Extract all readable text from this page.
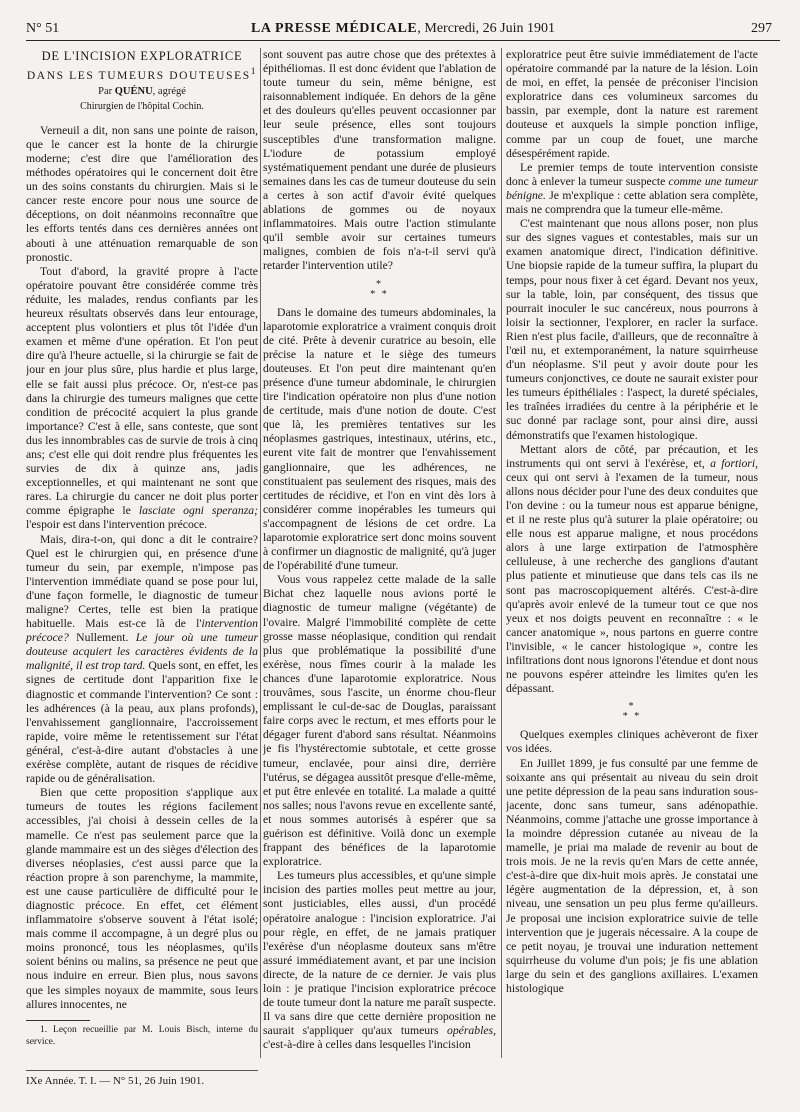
N° 51	LA PRESSE MÉDICALE, Mercredi, 26 Juin 1901	297
DE L'INCISION EXPLORATRICE
DANS LES TUMEURS DOUTEUSES$^1$
Par QUÉNU, agrégé
Chirurgien de l'hôpital Cochin.

Verneuil a dit, non sans une pointe de raison, que le cancer est la honte de la chirurgie moderne; c'est dire que l'amélioration des méthodes opératoires qui le concernent doit être un des soins constants du chirurgien. Mais si le cancer reste encore pour nous une source de déceptions, on doit néanmoins reconnaître que les efforts tentés dans ces dernières années ont abouti à une atténuation remarquable de son pronostic.

Tout d'abord, la gravité propre à l'acte opératoire pouvant être considérée comme très réduite, les malades, rendus confiants par les heureux résultats observés dans leur entourage, acceptent plus volontiers et plus tôt l'idée d'un examen et même d'une opération. Et l'on peut dire qu'à l'heure actuelle, si la chirurgie se fait de jour en jour plus sûre, plus hardie et plus large, elle se fait aussi plus précoce. Or, n'est-ce pas dans la chirurgie des tumeurs malignes que cette condition de précocité acquiert la plus grande importance? C'est à elle, sans conteste, que sont dus les innombrables cas de survie de trois à cinq ans; c'est elle qui doit rendre plus fréquentes les survies de dix à quinze ans, jadis exceptionnelles, et qui maintenant ne sont que rares. La chirurgie du cancer ne doit plus porter comme épigraphe le lasciate ogni speranza; l'espoir est dans l'intervention précoce.

Mais, dira-t-on, qui donc a dit le contraire? Quel est le chirurgien qui, en présence d'une tumeur du sein, par exemple, n'impose pas l'intervention immédiate quand se pose pour lui, d'une façon formelle, le diagnostic de tumeur maligne? Certes, telle est bien la pratique habituelle. Mais est-ce là de l'intervention précoce? Nullement. Le jour où une tumeur douteuse acquiert les caractères évidents de la malignité, il est trop tard. Quels sont, en effet, les signes de certitude dont l'apparition fixe le diagnostic et commande l'intervention? Ce sont : les adhérences (à la peau, aux plans profonds), l'envahissement ganglionnaire, l'accroissement rapide, voire même le retentissement sur l'état général, c'est-à-dire autant d'obstacles à une exérèse complète, autant de risques de récidive rapide ou de généralisation.

Bien que cette proposition s'applique aux tumeurs de toutes les régions facilement accessibles, j'ai choisi à dessein celles de la mamelle. Ce n'est pas seulement parce que la glande mammaire est un des sièges d'élection des diverses néoplasies, c'est aussi parce que la réaction propre à son parenchyme, la mammite, est une cause particulière de difficulté pour le diagnostic précoce. En effet, cet élément inflammatoire s'observe souvent à l'état isolé; mais comme il accompagne, à un degré plus ou moins prononcé, tous les néoplasmes, qu'ils soient bénins ou malins, sa présence ne peut que nous induire en erreur. Bien plus, nous savons que les simples noyaux de mammite, sous leurs allures innocentes, ne

1. Leçon recueillie par M. Louis Bisch, interne du service.

sont souvent pas autre chose que des prétextes à épithéliomas. Il est donc évident que l'ablation de toute tumeur du sein, même bénigne, est raisonnablement indiquée. En dehors de la gêne et des douleurs qu'elles peuvent occasionner par leur seule présence, elles sont toujours susceptibles d'une transformation maligne. L'iodure de potassium employé systématiquement pendant une durée de plusieurs semaines dans les cas de tumeur douteuse du sein a certes à son actif d'avoir évité quelques ablations de gommes ou de noyaux inflammatoires. Mais outre l'action stimulante qu'il semble avoir sur certaines tumeurs malignes, combien de fois n'a-t-il servi qu'à retarder l'intervention utile?

*
* *

Dans le domaine des tumeurs abdominales, la laparotomie exploratrice a vraiment conquis droit de cité. Prête à devenir curatrice au besoin, elle précise la nature et le siège des tumeurs douteuses. Et l'on peut dire maintenant qu'en présence d'une tumeur abdominale, le chirurgien tire l'indication opératoire non plus d'une notion de certitude, mais d'une notion de doute. C'est que là, les premières tentatives sur les néoplasmes gastriques, intestinaux, utérins, etc., eurent vite fait de montrer que l'envahissement ganglionnaire, que les adhérences, ne constituaient pas seulement des risques, mais des certitudes de récidive, et l'on en vint dès lors à considérer comme inopérables les tumeurs qui s'accompagnent de lésions de cet ordre. La laparotomie exploratrice sert donc moins souvent à confirmer un diagnostic de malignité, qu'à juger de l'opérabilité d'une tumeur.

Vous vous rappelez cette malade de la salle Bichat chez laquelle nous avions porté le diagnostic de tumeur maligne (végétante) de l'ovaire. Malgré l'immobilité complète de cette grosse masse néoplasique, condition qui rendait plus que problématique la possibilité d'une exérèse, nous fîmes courir à la malade les chances d'une laparotomie exploratrice. Nous trouvâmes, sous l'ascite, un énorme chou-fleur emplissant le cul-de-sac de Douglas, paraissant faire corps avec le rectum, et mes efforts pour le dégager furent d'abord sans résultat. Néanmoins je fis l'hystérectomie subtotale, et cette grosse tumeur, enclavée, pour ainsi dire, derrière l'utérus, se dégagea aussitôt presque d'elle-même, et put être enlevée en totalité. La malade a quitté nos salles; nous l'avons revue en excellente santé, et nous sommes autorisés à espérer que sa guérison est définitive. Voilà donc un exemple frappant des bénéfices de la laparotomie exploratrice.

Les tumeurs plus accessibles, et qu'une simple incision des parties molles peut mettre au jour, sont justiciables, elles aussi, d'un procédé opératoire analogue : l'incision exploratrice. J'ai pour règle, en effet, de ne jamais pratiquer l'exérèse d'un néoplasme douteux sans m'être assuré immédiatement avant, et par une incision directe, de la nature de ce dernier. Je vais plus loin : je pratique l'incision exploratrice précoce de toute tumeur dont la nature me paraît suspecte. Il va sans dire que cette dernière proposition ne saurait s'appliquer qu'aux tumeurs opérables, c'est-à-dire à celles dans lesquelles l'incision

exploratrice peut être suivie immédiatement de l'acte opératoire commandé par la nature de la lésion. Loin de moi, en effet, la pensée de préconiser l'incision exploratrice dans ces volumineux sarcomes du bassin, par exemple, dont la nature est rarement douteuse et auxquels la simple ponction inflige, comme par un coup de fouet, une marche désespérément rapide.

Le premier temps de toute intervention consiste donc à enlever la tumeur suspecte comme une tumeur bénigne. Je m'explique : cette ablation sera complète, mais ne comprendra que la tumeur elle-même.

C'est maintenant que nous allons poser, non plus sur des signes vagues et contestables, mais sur un examen anatomique direct, l'indication définitive. Une biopsie rapide de la tumeur suffira, la plupart du temps, pour nous fixer à cet égard. Devant nos yeux, sur la table, loin, par conséquent, des tissus que pourrait inoculer le suc cancéreux, nous pourrons à loisir la sectionner, l'explorer, en racler la surface. Rien n'est plus facile, d'ailleurs, que de reconnaître à l'œil nu, et extemporanément, la nature squirrheuse d'un néoplasme. S'il peut y avoir doute pour les tumeurs conjonctives, ce doute ne saurait exister pour les tumeurs épithéliales : l'aspect, la dureté spéciales, les traînées irradiées du centre à la périphérie et le suc donné par raclage sont, pour ainsi dire, aussi démonstratifs que l'examen histologique.

Mettant alors de côté, par précaution, et les instruments qui ont servi à l'exérèse, et, a fortiori, ceux qui ont servi à l'examen de la tumeur, nous allons nous décider pour l'une des deux conduites que l'on devine : ou la tumeur nous est apparue bénigne, et il ne reste plus qu'à suturer la plaie opératoire; ou elle nous est apparue maligne, et nous procédons alors à une large extirpation de l'atmosphère celluleuse, à une recherche des ganglions d'autant plus patiente et minutieuse que dans tels cas ils ne sont pas macroscopiquement altérés. C'est-à-dire qu'après avoir enlevé de la tumeur tout ce que nos yeux et nos doigts peuvent en reconnaître : « le cancer anatomique », nous partons en guerre contre l'invisible, « le cancer histologique », contre les infiltrations dont nous ignorons l'étendue et dont nous ne pouvons espérer atteindre les limites qu'en les dépassant.

*
* *

Quelques exemples cliniques achèveront de fixer vos idées.

En Juillet 1899, je fus consulté par une femme de soixante ans qui présentait au niveau du sein droit une petite dépression de la peau sans induration sous-jacente, donc sans tumeur, sans adénopathie. Néanmoins, comme j'attache une grosse importance à la moindre dépression cutanée au niveau de la mamelle, je priai ma malade de revenir au bout de trois mois. Je ne la revis qu'en Mars de cette année, c'est-à-dire que dix-huit mois après. Je constatai une légère augmentation de la dépression, et, à son niveau, une sensation un peu plus ferme qu'ailleurs. Je proposai une incision exploratrice suivie de telle intervention que je jugerais nécessaire. A la coupe de ce petit noyau, je trouvai une induration nettement squirrheuse du volume d'un pois; je fis une ablation large du sein et des ganglions axillaires. L'examen histologique

IXe Année. T. I. — N° 51, 26 Juin 1901.
